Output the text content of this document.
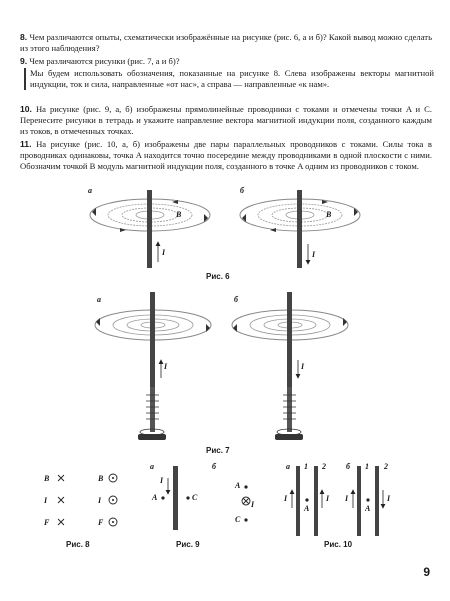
8. Чем различаются опыты, схематически изображённые на рисунке (рис. 6, а и б)? Какой вывод можно сделать из этого наблюдения?
9. Чем различаются рисунки (рис. 7, а и б)?
Мы будем использовать обозначения, показанные на рисунке 8. Слева изображены векторы магнитной индукции, ток и сила, направленные «от нас», а справа — направленные «к нам».
10. На рисунке (рис. 9, а, б) изображены прямолинейные проводники с токами и отмечены точки A и C. Перенесите рисунки в тетрадь и укажите направление вектора магнитной индукции поля, созданного каждым из токов, в отмеченных точках.
11. На рисунке (рис. 10, а, б) изображены две пары параллельных проводников с токами. Силы тока в проводниках одинаковы, точка A находится точно посередине между проводниками в одной плоскости с ними. Обозначим точкой B модуль магнитной индукции поля, созданного в точке A одним из проводников с током.
а	б
B
I
B
I
Рис. 6
а	б
I	I
Рис. 7
B
I
F
B
I
F
Рис. 8
а	б
I
A	C
A
I
C
Рис. 9
а 1 2
I	I
A
б 1 2
I	I
A
Рис. 10
9
